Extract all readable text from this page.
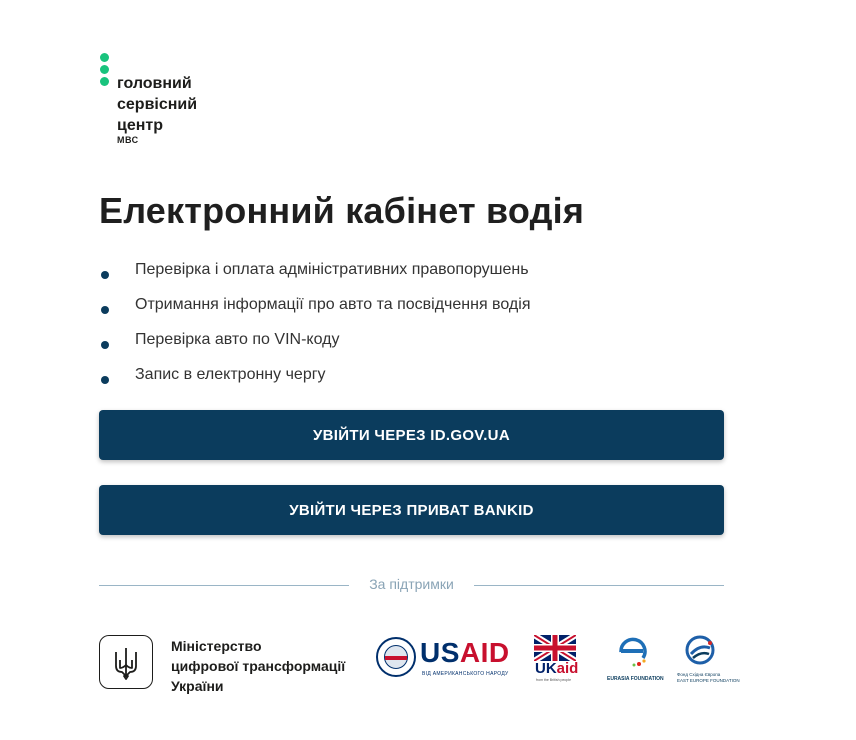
головний
сервісний
центр
МВС
Електронний кабінет водія
Перевірка і оплата адміністративних правопорушень
Отримання інформації про авто та посвідчення водія
Перевірка авто по VIN-коду
Запис в електронну чергу
УВІЙТИ ЧЕРЕЗ ID.GOV.UA
УВІЙТИ ЧЕРЕЗ ПРИВАТ BANKID
За підтримки
Міністерство
цифрової трансформації
України
USAID
ВІД АМЕРИКАНСЬКОГО НАРОДУ UKaid
from the British people	EURASIA FOUNDATION
Фонд Східна Європа
EAST EUROPE FOUNDATION
